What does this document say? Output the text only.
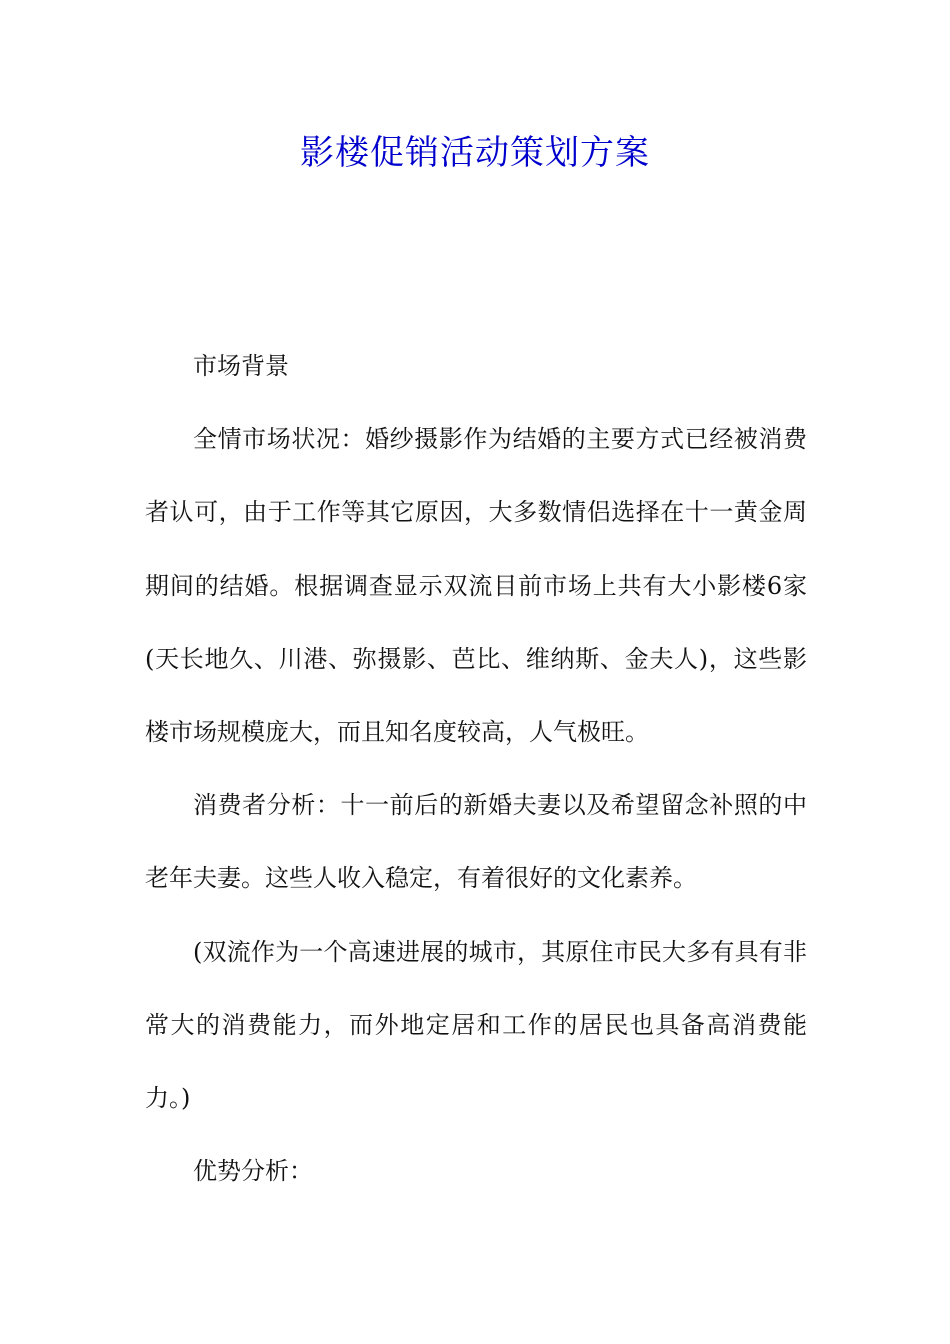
影楼促销活动策划方案

市场背景

全情市场状况：婚纱摄影作为结婚的主要方式已经被消费者认可，由于工作等其它原因，大多数情侣选择在十一黄金周期间的结婚。根据调查显示双流目前市场上共有大小影楼6家(天长地久、川港、弥摄影、芭比、维纳斯、金夫人)，这些影楼市场规模庞大，而且知名度较高，人气极旺。

消费者分析：十一前后的新婚夫妻以及希望留念补照的中老年夫妻。这些人收入稳定，有着很好的文化素养。

(双流作为一个高速进展的城市，其原住市民大多有具有非常大的消费能力，而外地定居和工作的居民也具备高消费能力。)

优势分析：
